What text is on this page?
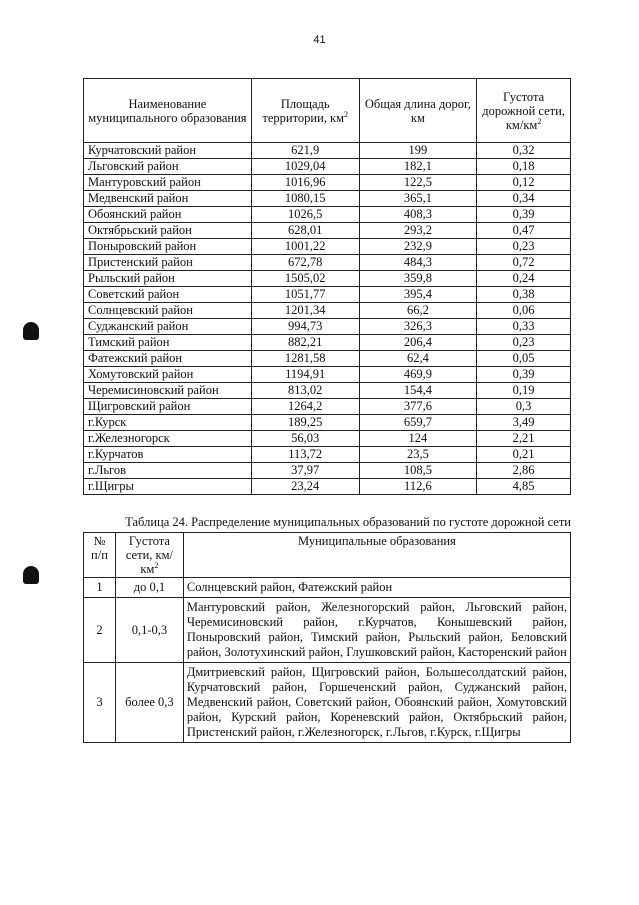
41
Наименование муниципального образования	Площадь территории, $км^2$	Общая длина дорог, км	Густота дорожной сети, $км/км^2$
Курчатовский район	621,9	199	0,32
Льговский район	1029,04	182,1	0,18
Мантуровский район	1016,96	122,5	0,12
Медвенский район	1080,15	365,1	0,34
Обоянский район	1026,5	408,3	0,39
Октябрьский район	628,01	293,2	0,47
Поныровский район	1001,22	232,9	0,23
Пристенский район	672,78	484,3	0,72
Рыльский район	1505,02	359,8	0,24
Советский район	1051,77	395,4	0,38
Солнцевский район	1201,34	66,2	0,06
Суджанский район	994,73	326,3	0,33
Тимский район	882,21	206,4	0,23
Фатежский район	1281,58	62,4	0,05
Хомутовский район	1194,91	469,9	0,39
Черемисиновский район	813,02	154,4	0,19
Щигровский район	1264,2	377,6	0,3
г.Курск	189,25	659,7	3,49
г.Железногорск	56,03	124	2,21
г.Курчатов	113,72	23,5	0,21
г.Льгов	37,97	108,5	2,86
г.Щигры	23,24	112,6	4,85
Таблица 24. Распределение муниципальных образований по густоте дорожной сети
№ п/п	Густота сети, $км/км^2$	Муниципальные образования
1	до 0,1	Солнцевский район, Фатежский район
2	0,1-0,3	Мантуровский район, Железногорский район, Льговский район, Черемисиновский район, г.Курчатов, Конышевский район, Поныровский район, Тимский район, Рыльский район, Беловский район, Золотухинский район, Глушковский район, Касторенский район
3	более 0,3	Дмитриевский район, Щигровский район, Большесолдатский район, Курчатовский район, Горшеченский район, Суджанский район, Медвенский район, Советский район, Обоянский район, Хомутовский район, Курский район, Кореневский район, Октябрьский район, Пристенский район, г.Железногорск, г.Льгов, г.Курск, г.Щигры
